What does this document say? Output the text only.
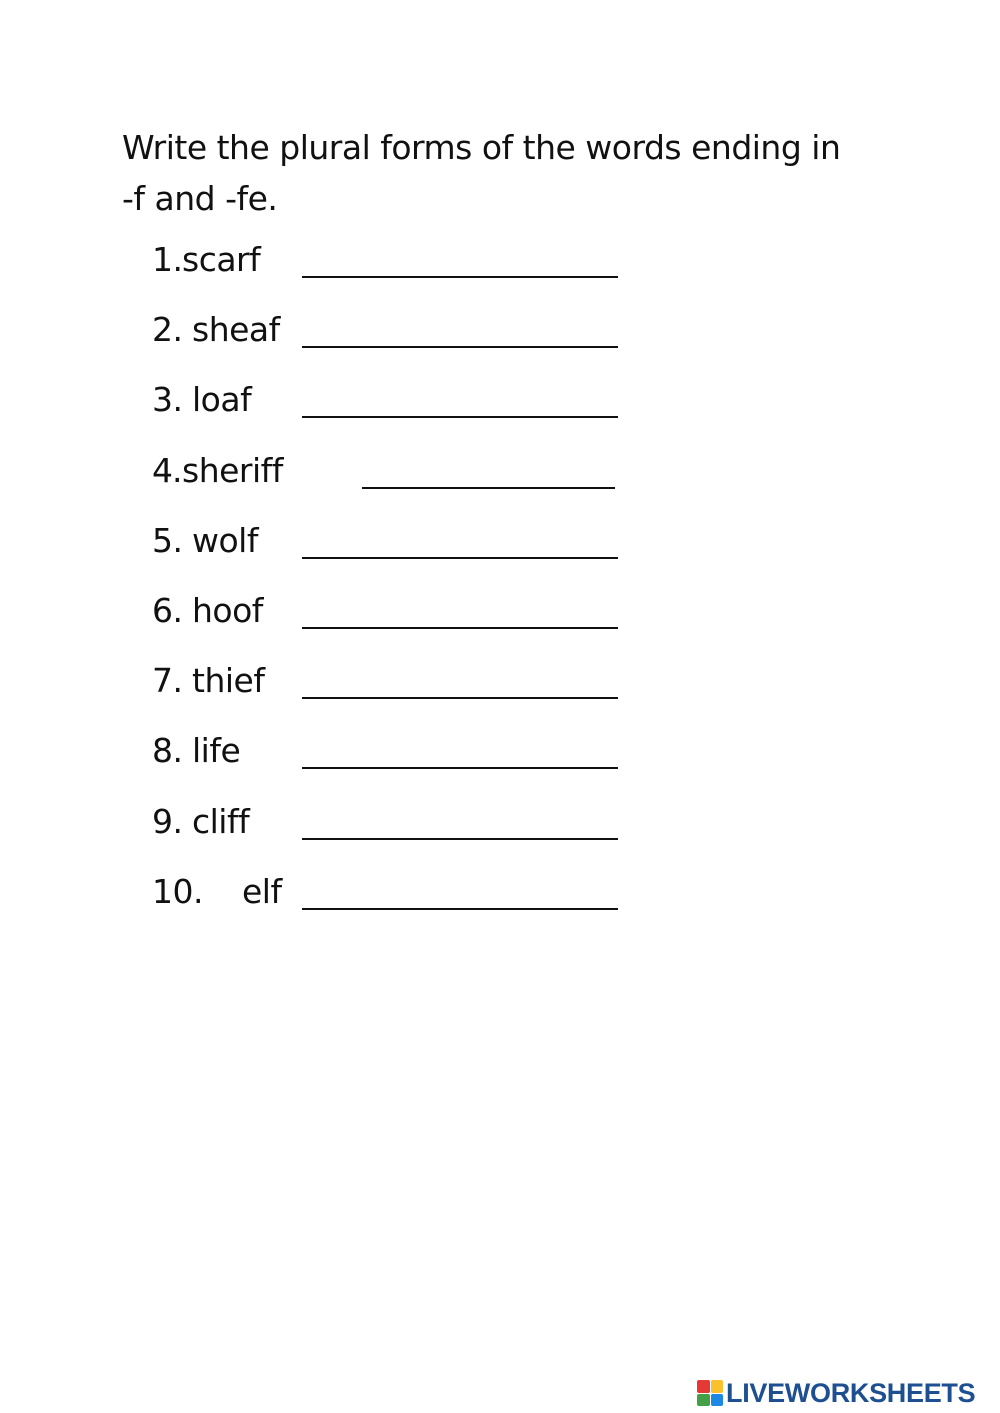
Write the plural forms of the words ending in
-f and -fe.
1. scarf
2. sheaf
3. loaf
4. sheriff
5. wolf
6. hoof
7. thief
8. life
9. cliff
10. elf
LIVEWORKSHEETS
